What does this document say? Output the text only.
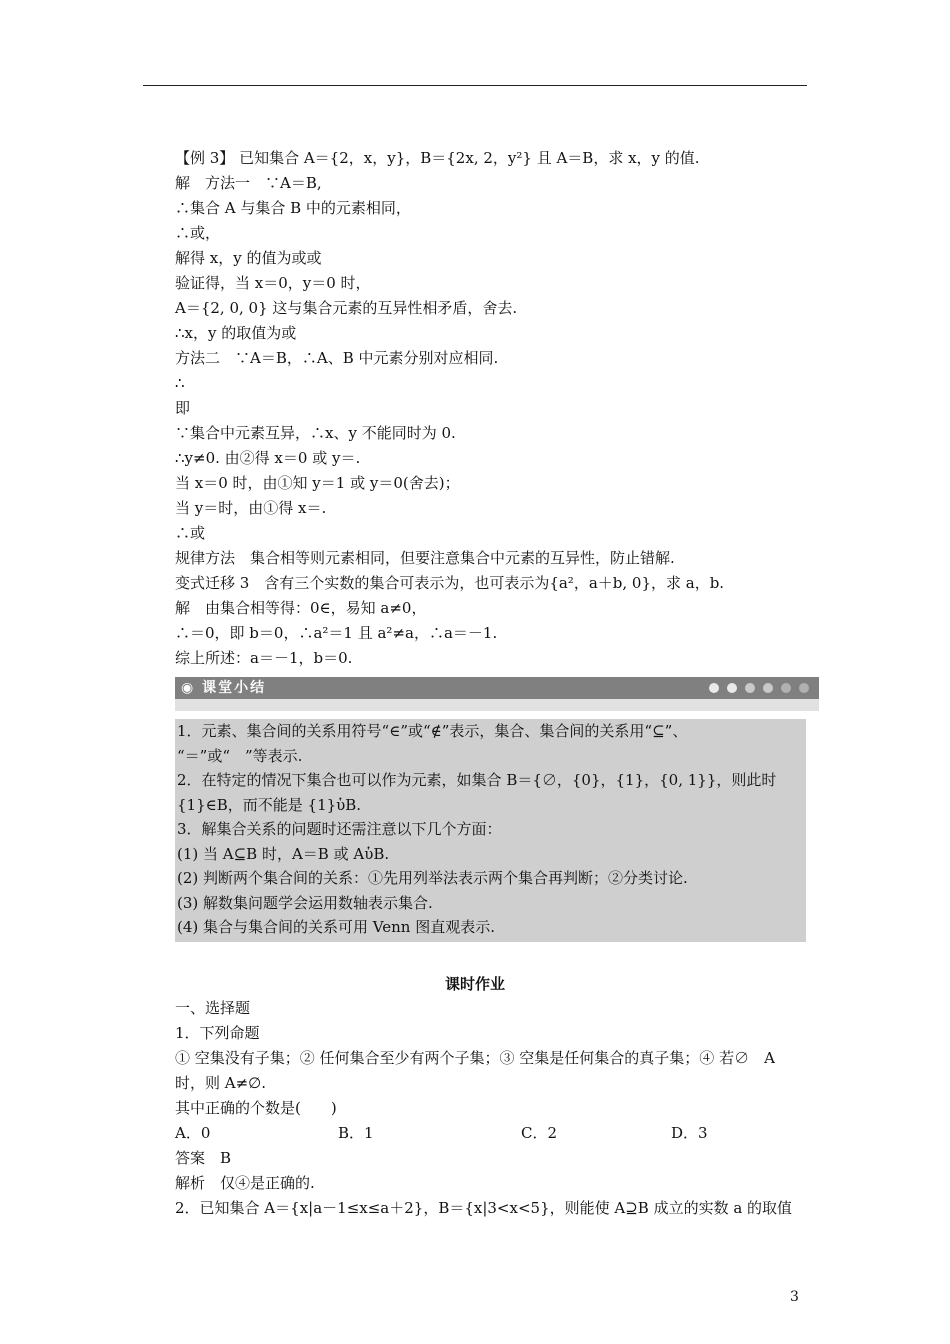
【例 3】 已知集合 A＝{2，x，y}，B＝{2x, 2，y²} 且 A＝B，求 x，y 的值.
解　方法一　∵A＝B,
∴集合 A 与集合 B 中的元素相同，
∴或，
解得 x，y 的值为或或
验证得，当 x＝0，y＝0 时，
A＝{2, 0, 0} 这与集合元素的互异性相矛盾，舍去.
∴x，y 的取值为或
方法二　∵A＝B，∴A、B 中元素分别对应相同.
∴
即
∵集合中元素互异，∴x、y 不能同时为 0.
∴y≠0. 由②得 x＝0 或 y＝.
当 x＝0 时，由①知 y＝1 或 y＝0(舍去)；
当 y＝时，由①得 x＝.
∴或
规律方法　集合相等则元素相同，但要注意集合中元素的互异性，防止错解.
变式迁移 3　含有三个实数的集合可表示为，也可表示为{a²，a＋b, 0}，求 a，b.
解　由集合相等得：0∈，易知 a≠0，
∴＝0，即 b＝0，∴a²＝1 且 a²≠a，∴a＝－1.
综上所述：a＝－1，b＝0.
◉ 课堂小结
1．元素、集合间的关系用符号“∈”或“∉”表示，集合、集合间的关系用“⊆”、
“＝”或“　”等表示.
2．在特定的情况下集合也可以作为元素，如集合 B＝{∅，{0}，{1}，{0, 1}}，则此时
{1}∈B，而不能是 {1}ὑB.
3．解集合关系的问题时还需注意以下几个方面：
(1) 当 A⊆B 时，A＝B 或 AὑB.
(2) 判断两个集合间的关系：①先用列举法表示两个集合再判断；②分类讨论.
(3) 解数集问题学会运用数轴表示集合.
(4) 集合与集合间的关系可用 Venn 图直观表示.
课时作业
一、选择题
1．下列命题
① 空集没有子集；② 任何集合至少有两个子集；③ 空集是任何集合的真子集；④ 若∅　A
时，则 A≠∅.
其中正确的个数是(　　)
A．0	B．1	C．2	D．3
答案　B
解析　仅④是正确的.
2．已知集合 A＝{x|a－1≤x≤a＋2}，B＝{x|3<x<5}，则能使 A⊇B 成立的实数 a 的取值
3
